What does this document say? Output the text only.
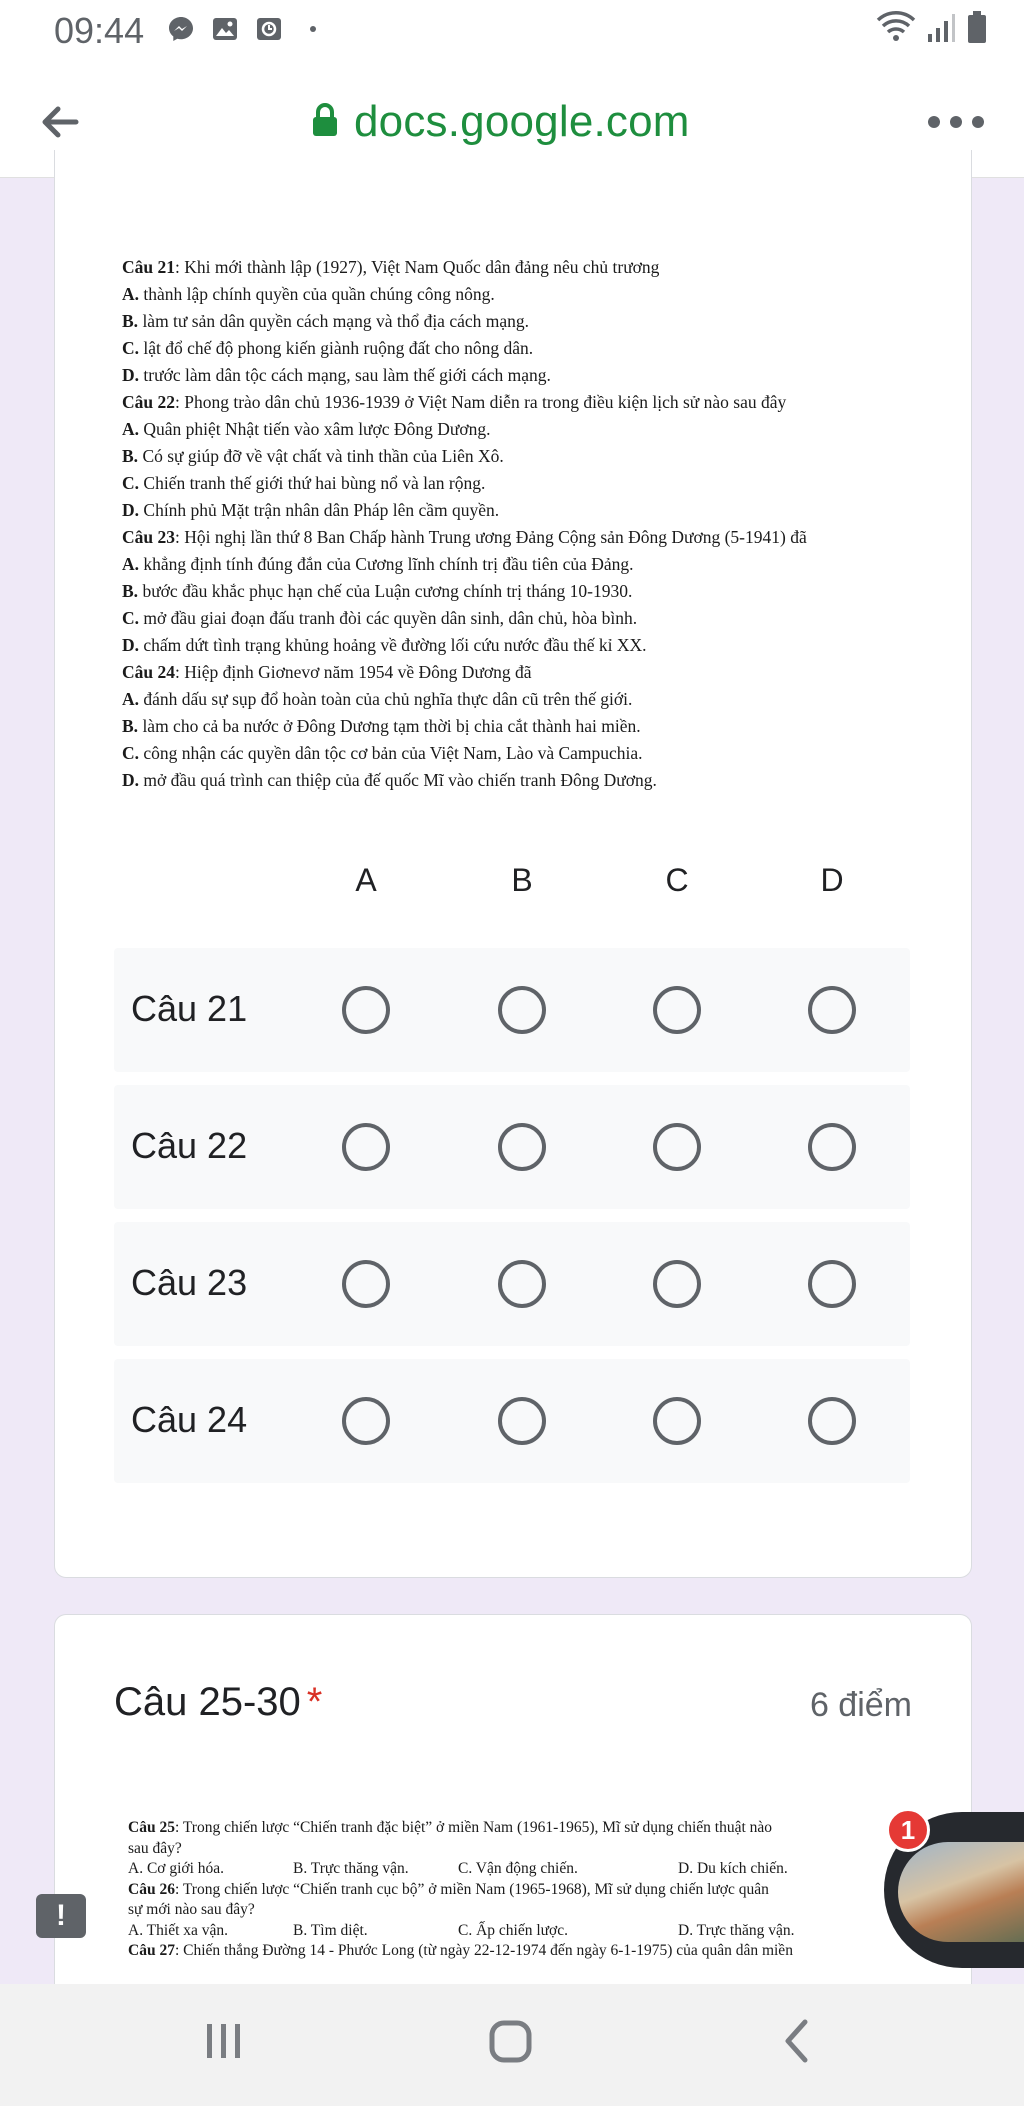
09:44
docs.google.com
Câu 21: Khi mới thành lập (1927), Việt Nam Quốc dân đảng nêu chủ trương
A. thành lập chính quyền của quần chúng công nông.
B. làm tư sản dân quyền cách mạng và thổ địa cách mạng.
C. lật đổ chế độ phong kiến giành ruộng đất cho nông dân.
D. trước làm dân tộc cách mạng, sau làm thế giới cách mạng.
Câu 22: Phong trào dân chủ 1936-1939 ở Việt Nam diễn ra trong điều kiện lịch sử nào sau đây
A. Quân phiệt Nhật tiến vào xâm lược Đông Dương.
B. Có sự giúp đỡ về vật chất và tinh thần của Liên Xô.
C. Chiến tranh thế giới thứ hai bùng nổ và lan rộng.
D. Chính phủ Mặt trận nhân dân Pháp lên cầm quyền.
Câu 23: Hội nghị lần thứ 8 Ban Chấp hành Trung ương Đảng Cộng sản Đông Dương (5-1941) đã
A. khẳng định tính đúng đắn của Cương lĩnh chính trị đầu tiên của Đảng.
B. bước đầu khắc phục hạn chế của Luận cương chính trị tháng 10-1930.
C. mở đầu giai đoạn đấu tranh đòi các quyền dân sinh, dân chủ, hòa bình.
D. chấm dứt tình trạng khủng hoảng về đường lối cứu nước đầu thế kỉ XX.
Câu 24: Hiệp định Giơnevơ năm 1954 về Đông Dương đã
A. đánh dấu sự sụp đổ hoàn toàn của chủ nghĩa thực dân cũ trên thế giới.
B. làm cho cả ba nước ở Đông Dương tạm thời bị chia cắt thành hai miền.
C. công nhận các quyền dân tộc cơ bản của Việt Nam, Lào và Campuchia.
D. mở đầu quá trình can thiệp của đế quốc Mĩ vào chiến tranh Đông Dương.
A	B	C	D
Câu 21
Câu 22
Câu 23
Câu 24
Câu 25-30 *	6 điểm
Câu 25: Trong chiến lược “Chiến tranh đặc biệt” ở miền Nam (1961-1965), Mĩ sử dụng chiến thuật nào
sau đây?
A. Cơ giới hóa.	B. Trực thăng vận.	C. Vận động chiến.	D. Du kích chiến.
Câu 26: Trong chiến lược “Chiến tranh cục bộ” ở miền Nam (1965-1968), Mĩ sử dụng chiến lược quân
sự mới nào sau đây?
A. Thiết xa vận.	B. Tìm diệt.	C. Ấp chiến lược.	D. Trực thăng vận.
Câu 27: Chiến thắng Đường 14 - Phước Long (từ ngày 22-12-1974 đến ngày 6-1-1975) của quân dân miền
!
1
